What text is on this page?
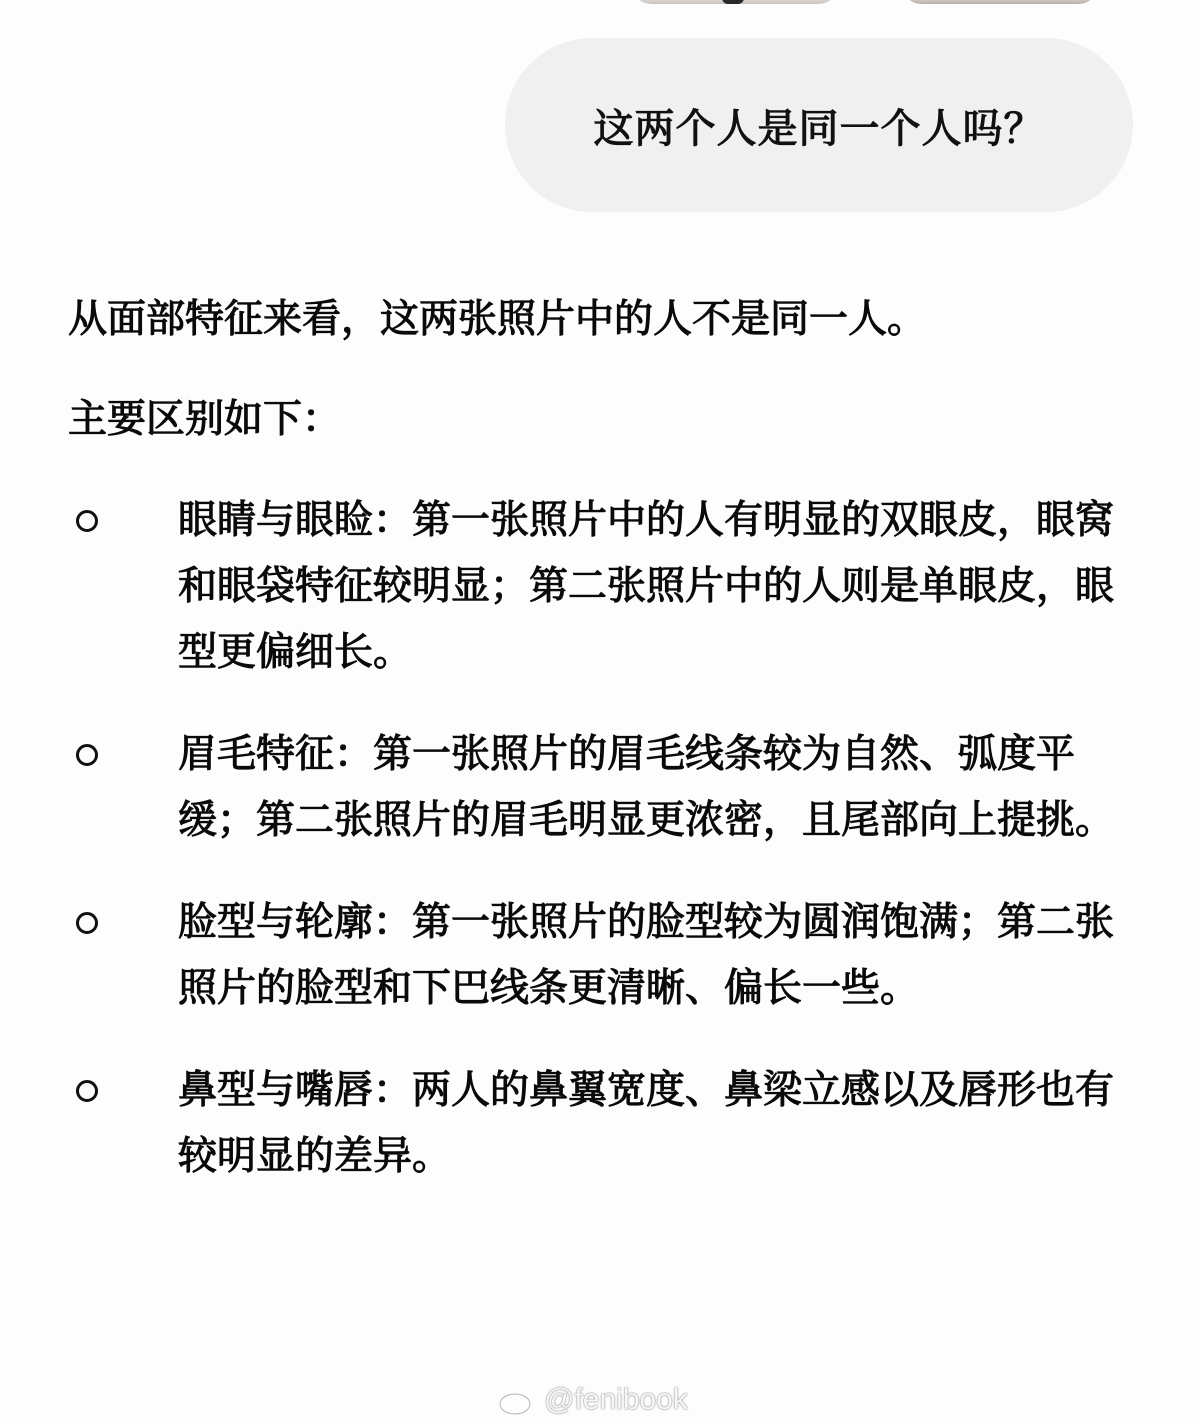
这两个人是同一个人吗？

从面部特征来看，这两张照片中的人不是同一人。

主要区别如下：

眼睛与眼睑：第一张照片中的人有明显的双眼皮，眼窝和眼袋特征较明显；第二张照片中的人则是单眼皮，眼型更偏细长。

眉毛特征：第一张照片的眉毛线条较为自然、弧度平缓；第二张照片的眉毛明显更浓密，且尾部向上提挑。

脸型与轮廓：第一张照片的脸型较为圆润饱满；第二张照片的脸型和下巴线条更清晰、偏长一些。

鼻型与嘴唇：两人的鼻翼宽度、鼻梁立感以及唇形也有较明显的差异。

@fenibook
